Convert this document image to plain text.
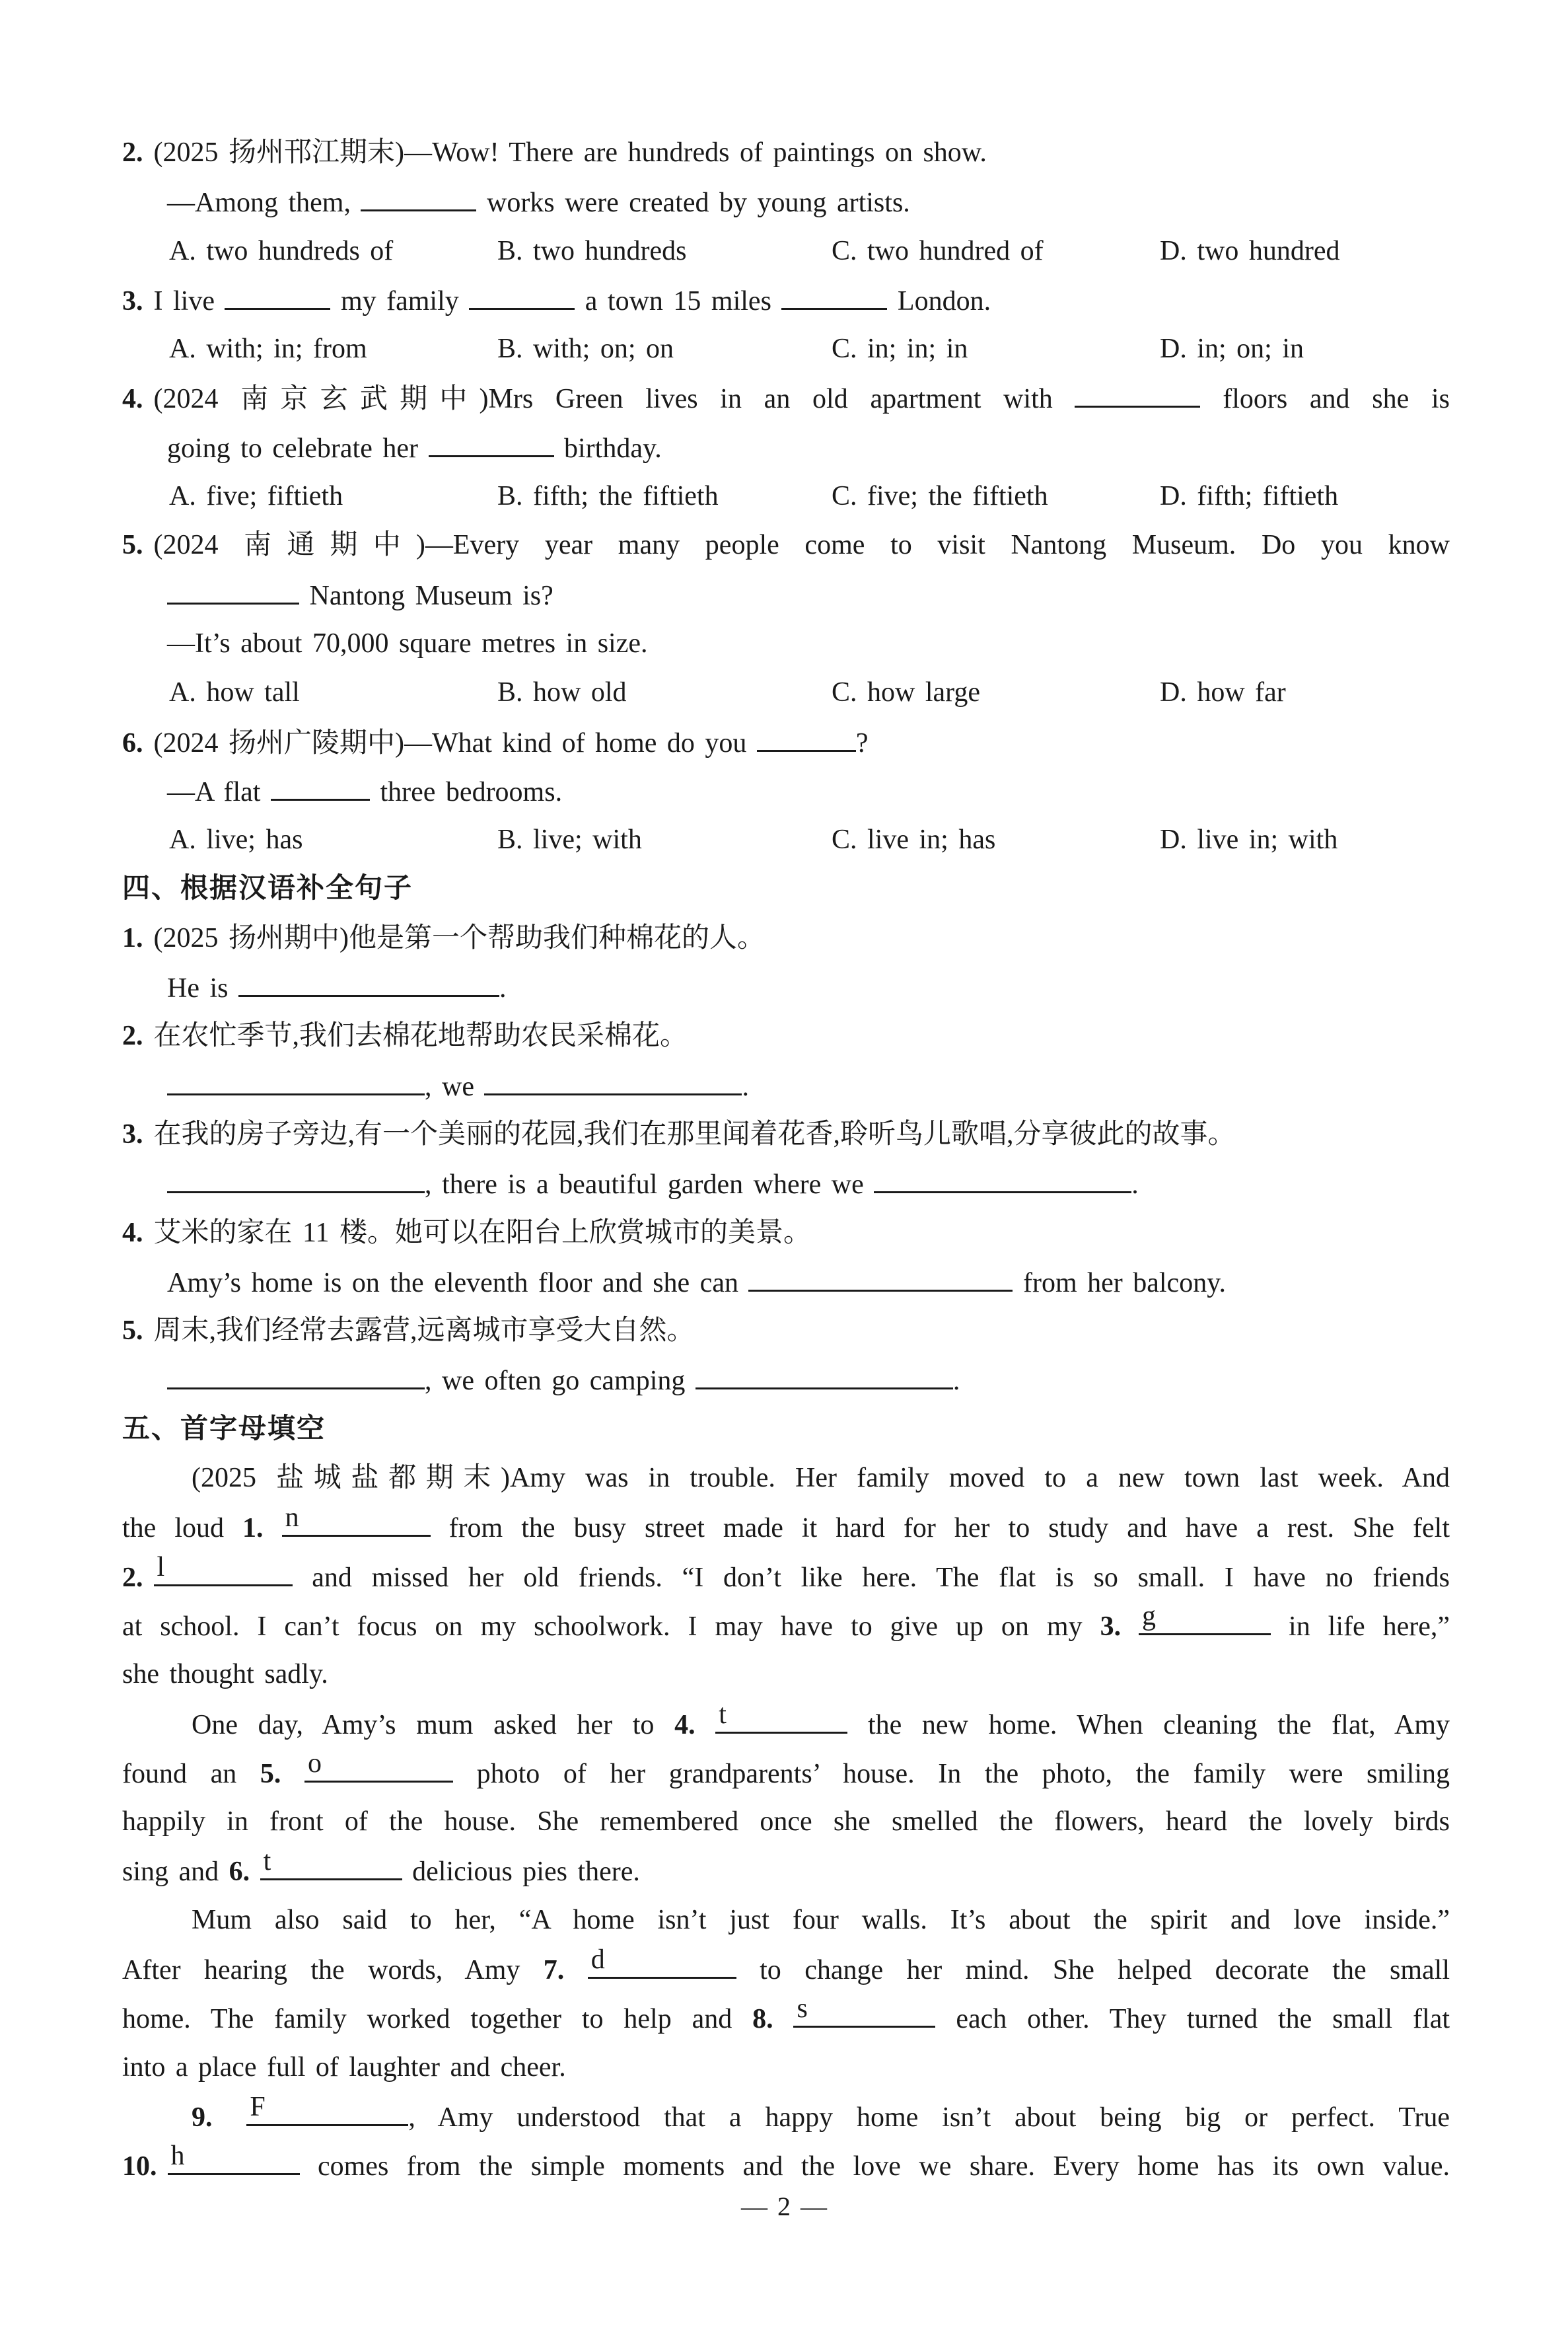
2. (2025 扬州邗江期末)—Wow! There are hundreds of paintings on show.
—Among them,	works were created by young artists.
A. two hundreds of	B. two hundreds	C. two hundred of	D. two hundred
3. I live	my family	a town 15 miles	London.
A. with; in; from	B. with; on; on	C. in; in; in	D. in; on; in
4. (2024 南京玄武期中)Mrs Green lives in an old apartment with	floors and she is
going to celebrate her	birthday.
A. five; fiftieth	B. fifth; the fiftieth	C. five; the fiftieth	D. fifth; fiftieth
5. (2024 南通期中)—Every year many people come to visit Nantong Museum. Do you know
Nantong Museum is?
—It’s about 70,000 square metres in size.
A. how tall	B. how old	C. how large	D. how far
6. (2024 扬州广陵期中)—What kind of home do you	?
—A flat	three bedrooms.
A. live; has	B. live; with	C. live in; has	D. live in; with
四、根据汉语补全句子
1. (2025 扬州期中)他是第一个帮助我们种棉花的人。
He is	.
2. 在农忙季节,我们去棉花地帮助农民采棉花。
, we	.
3. 在我的房子旁边,有一个美丽的花园,我们在那里闻着花香,聆听鸟儿歌唱,分享彼此的故事。
, there is a beautiful garden where we	.
4. 艾米的家在 11 楼。她可以在阳台上欣赏城市的美景。
Amy’s home is on the eleventh floor and she can	from her balcony.
5. 周末,我们经常去露营,远离城市享受大自然。
, we often go camping	.
五、首字母填空
(2025 盐城盐都期末)Amy was in trouble. Her family moved to a new town last week. And
the loud 1. n	from the busy street made it hard for her to study and have a rest. She felt
2. l	and missed her old friends. “I don’t like here. The flat is so small. I have no friends
at school. I can’t focus on my schoolwork. I may have to give up on my 3. g	in life here,”
she thought sadly.
One day, Amy’s mum asked her to 4. t	the new home. When cleaning the flat, Amy
found an 5. o	photo of her grandparents’ house. In the photo, the family were smiling
happily in front of the house. She remembered once she smelled the flowers, heard the lovely birds
sing and 6. t	delicious pies there.
Mum also said to her, “A home isn’t just four walls. It’s about the spirit and love inside.”
After hearing the words, Amy 7. d	to change her mind. She helped decorate the small
home. The family worked together to help and 8. s	each other. They turned the small flat
into a place full of laughter and cheer.
9. F	, Amy understood that a happy home isn’t about being big or perfect. True
10. h	comes from the simple moments and the love we share. Every home has its own value.
— 2 —
